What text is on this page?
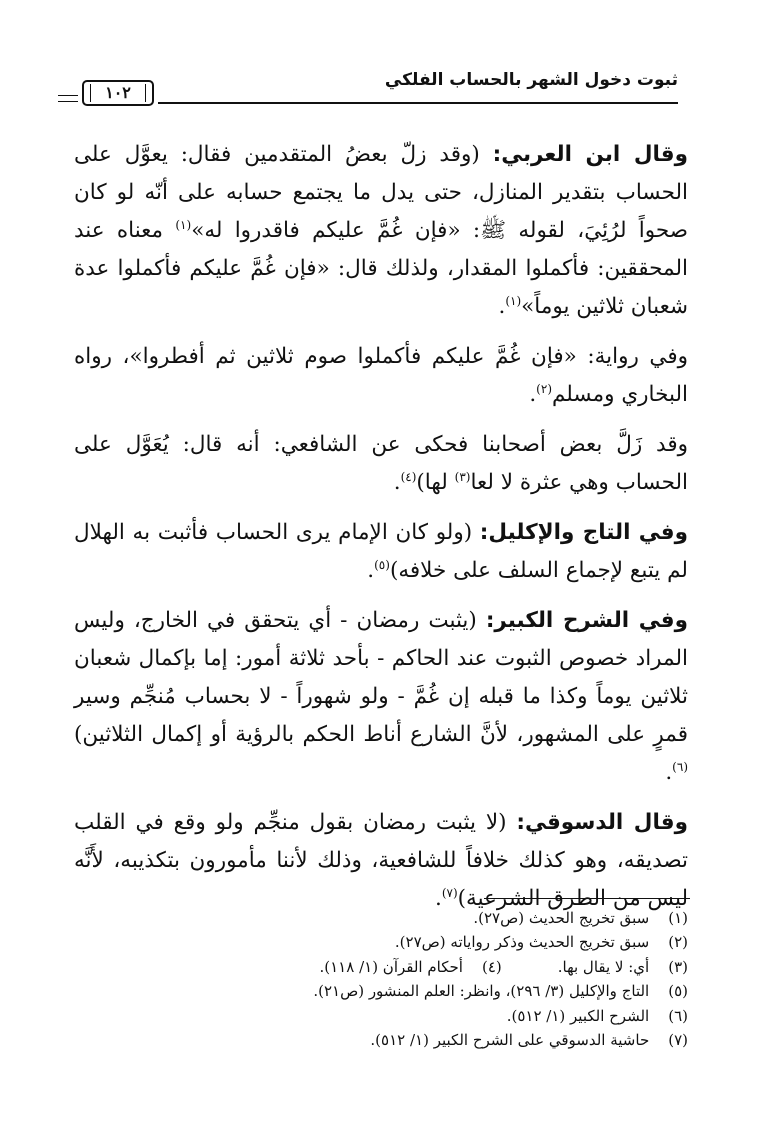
ثبوت دخول الشهر بالحساب الفلكي
١٠٢

وقال ابن العربي: (وقد زلّ بعضُ المتقدمين فقال: يعوَّل على الحساب بتقدير المنازل، حتى يدل ما يجتمع حسابه على أنّه لو كان صحواً لرُئِيَ، لقوله ﷺ: «فإن غُمَّ عليكم فاقدروا له»$^{(١)}$ معناه عند المحققين: فأكملوا المقدار، ولذلك قال: «فإن غُمَّ عليكم فأكملوا عدة شعبان ثلاثين يوماً»$^{(١)}$.

وفي رواية: «فإن غُمَّ عليكم فأكملوا صوم ثلاثين ثم أفطروا»، رواه البخاري ومسلم$^{(٢)}$.

وقد زَلَّ بعض أصحابنا فحكى عن الشافعي: أنه قال: يُعَوَّل على الحساب وهي عثرة لا لعا$^{(٣)}$ لها)$^{(٤)}$.

وفي التاج والإكليل: (ولو كان الإمام يرى الحساب فأثبت به الهلال لم يتبع لإجماع السلف على خلافه)$^{(٥)}$.

وفي الشرح الكبير: (يثبت رمضان - أي يتحقق في الخارج، وليس المراد خصوص الثبوت عند الحاكم - بأحد ثلاثة أمور: إما بإكمال شعبان ثلاثين يوماً وكذا ما قبله إن غُمَّ - ولو شهوراً - لا بحساب مُنجِّم وسير قمرٍ على المشهور، لأنَّ الشارع أناط الحكم بالرؤية أو إكمال الثلاثين)$^{(٦)}$.

وقال الدسوقي: (لا يثبت رمضان بقول منجِّم ولو وقع في القلب تصديقه، وهو كذلك خلافاً للشافعية، وذلك لأننا مأمورون بتكذيبه، لأَنَّه ليس من الطرق الشرعية)$^{(٧)}$.

(١) سبق تخريج الحديث (ص٢٧).
(٢) سبق تخريج الحديث وذكر رواياته (ص٢٧).
(٣) أي: لا يقال بها.(٤) أحكام القرآن (١/ ١١٨).
(٥) التاج والإكليل (٣/ ٢٩٦)، وانظر: العلم المنشور (ص٢١).
(٦) الشرح الكبير (١/ ٥١٢).
(٧) حاشية الدسوقي على الشرح الكبير (١/ ٥١٢).
